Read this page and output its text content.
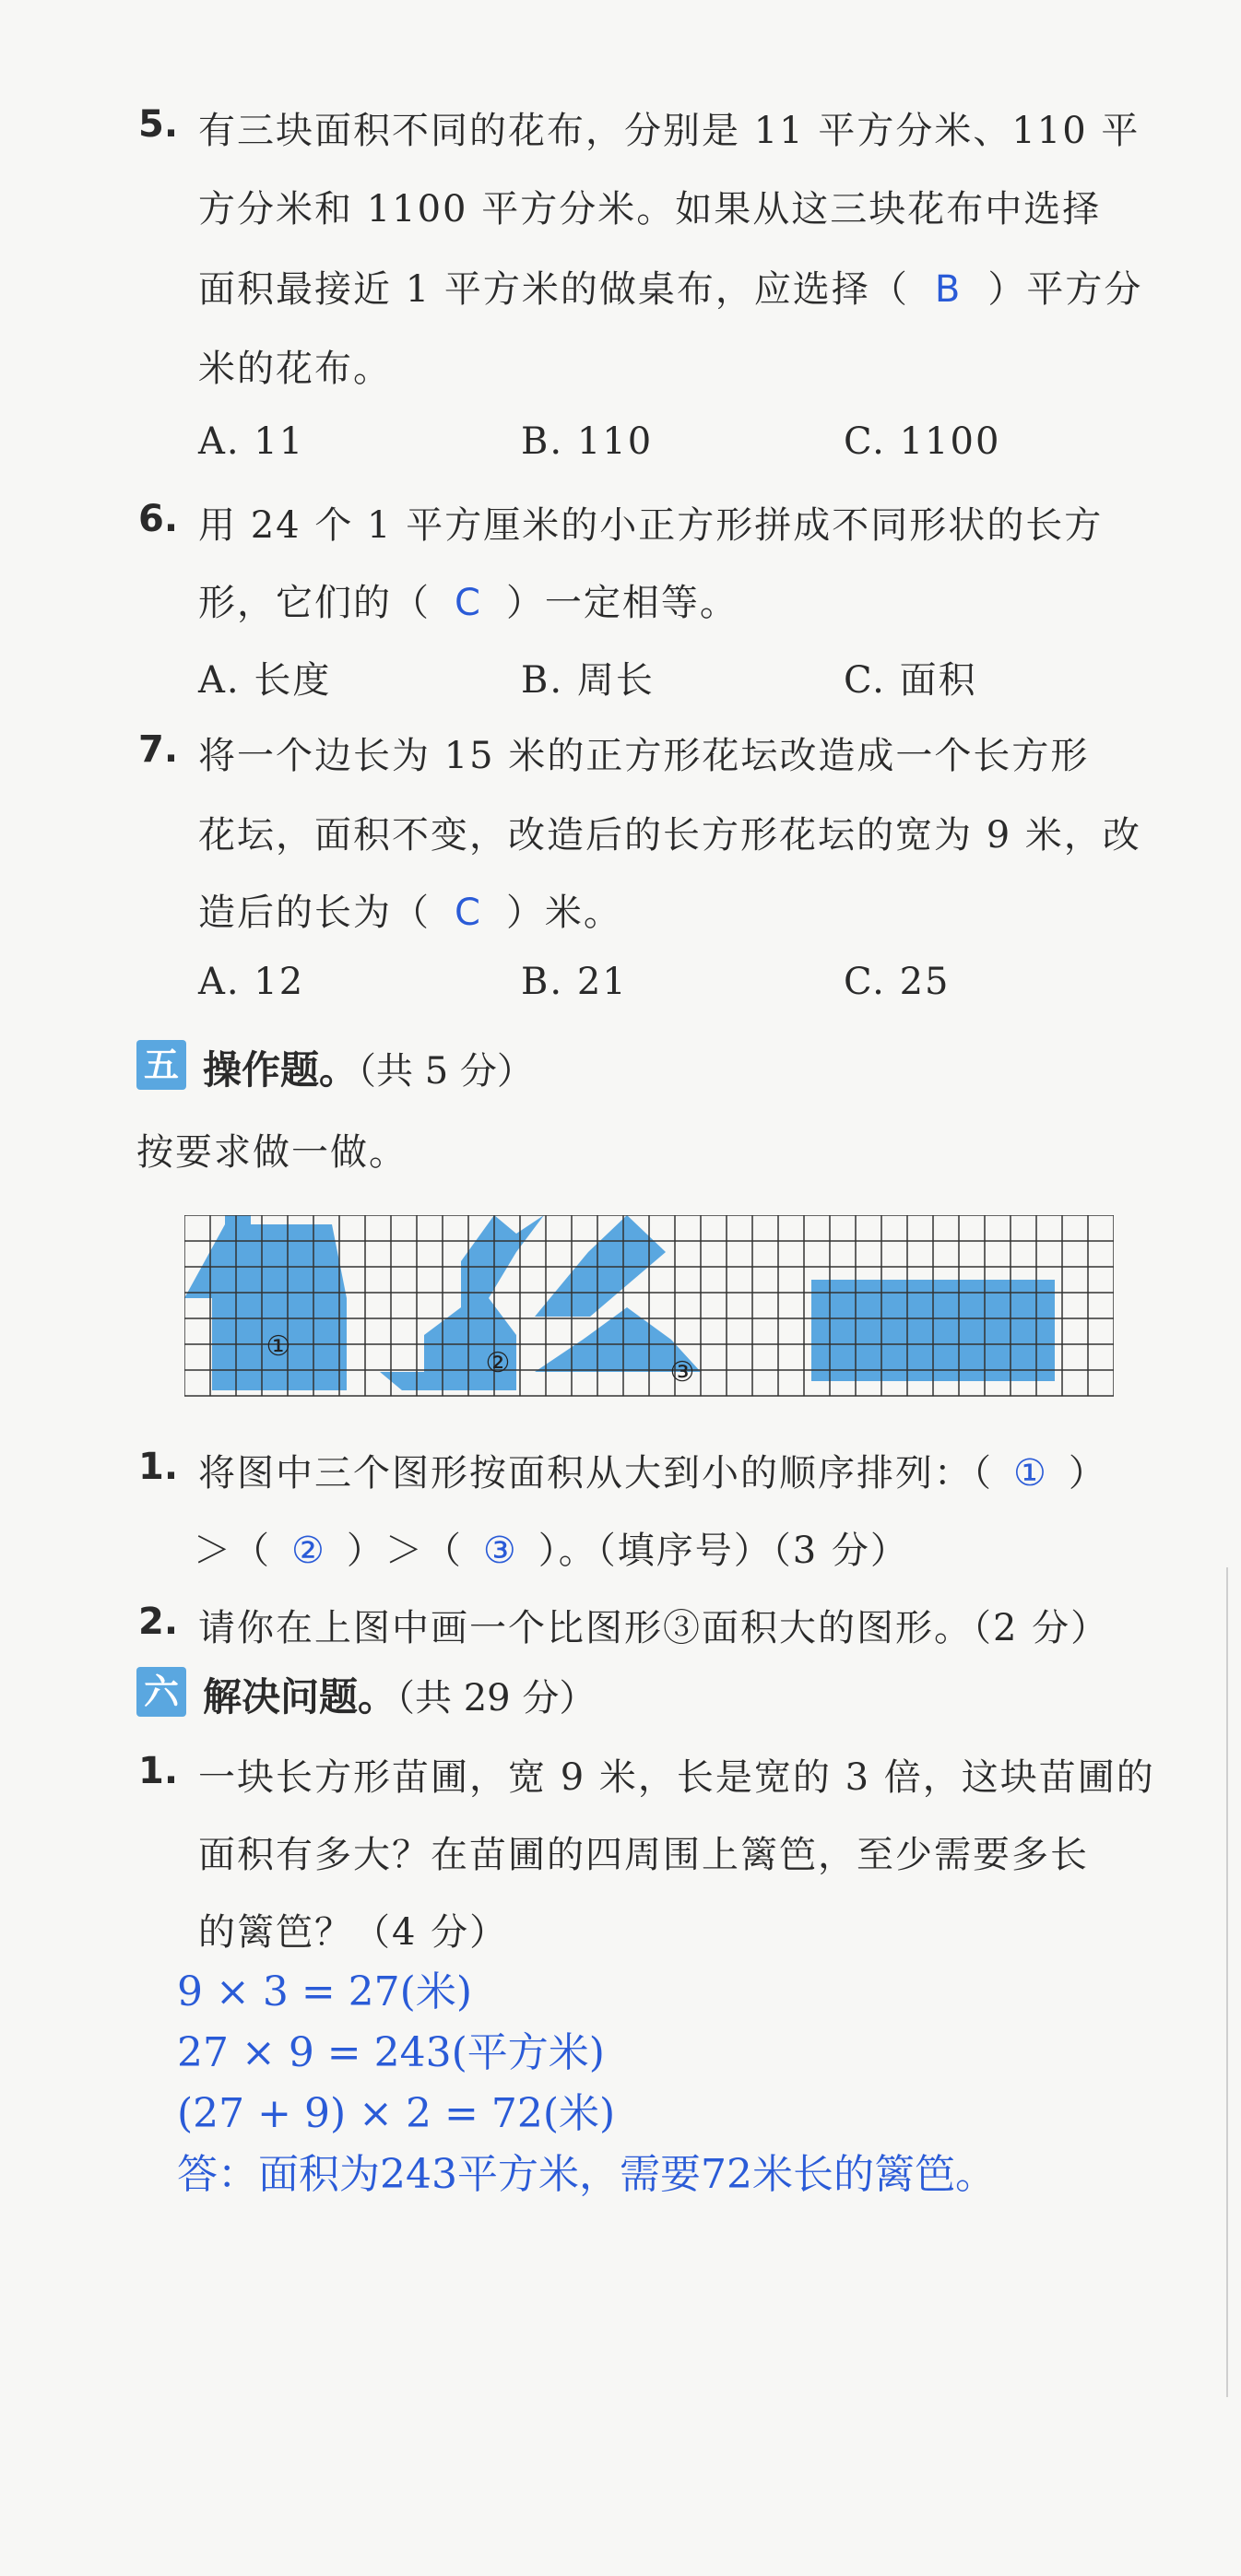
5. 有三块面积不同的花布，分别是 11 平方分米、110 平
方分米和 1100 平方分米。如果从这三块花布中选择
面积最接近 1 平方米的做桌布，应选择（ B ）平方分
米的花布。
A. 11	B. 110	C. 1100
6. 用 24 个 1 平方厘米的小正方形拼成不同形状的长方
形，它们的（ C ）一定相等。
A. 长度	B. 周长	C. 面积
7. 将一个边长为 15 米的正方形花坛改造成一个长方形
花坛，面积不变，改造后的长方形花坛的宽为 9 米，改
造后的长为（ C ）米。
A. 12	B. 21	C. 25
五 操作题。（共 5 分）
按要求做一做。
①
②	③
1. 将图中三个图形按面积从大到小的顺序排列：（ ① ）
＞（ ② ）＞（ ③ ）。（填序号）（3 分）
2. 请你在上图中画一个比图形③面积大的图形。（2 分）
六 解决问题。（共 29 分）
1. 一块长方形苗圃，宽 9 米，长是宽的 3 倍，这块苗圃的
面积有多大？在苗圃的四周围上篱笆，至少需要多长
的篱笆？（4 分）
9 × 3 = 27(米)
27 × 9 = 243(平方米)
(27 + 9) × 2 = 72(米)
答：面积为243平方米，需要72米长的篱笆。
